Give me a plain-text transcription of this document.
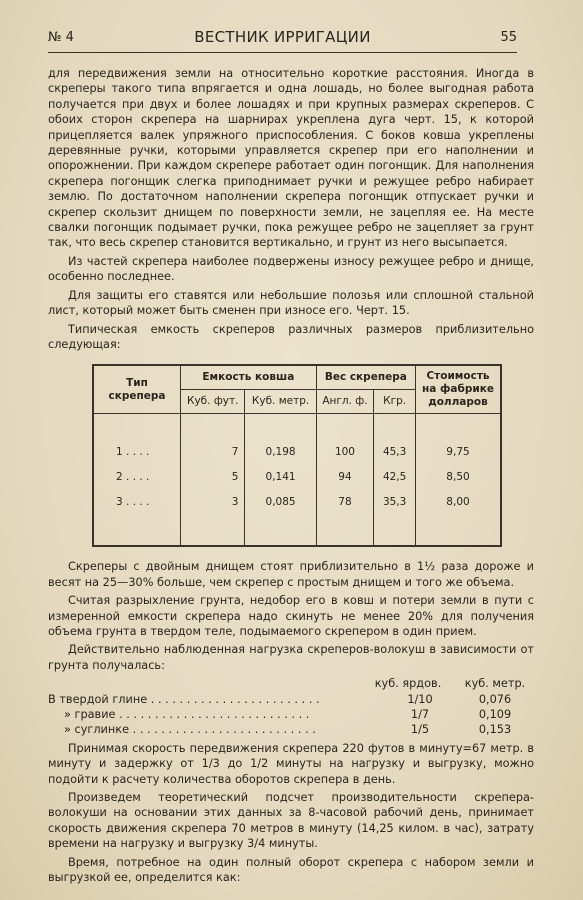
№ 4	ВЕСТНИК ИРРИГАЦИИ	55

для передвижения земли на относительно короткие расстояния. Иногда в скреперы такого типа впрягается и одна лошадь, но более выгодная работа получается при двух и более лошадях и при крупных размерах скреперов. С обоих сторон скрепера на шарнирах укреплена дуга черт. 15, к которой прицепляется валек упряжного приспособления. С боков ковша укреплены деревянные ручки, которыми управляется скрепер при его наполнении и опорожнении. При каждом скрепере работает один погонщик. Для наполнения скрепера погонщик слегка приподнимает ручки и режущее ребро набирает землю. По достаточном наполнении скрепера погонщик отпускает ручки и скрепер скользит днищем по поверхности земли, не зацепляя ее. На месте свалки погонщик подымает ручки, пока режущее ребро не зацепляет за грунт так, что весь скрепер становится вертикально, и грунт из него высыпается.

Из частей скрепера наиболее подвержены износу режущее ребро и днище, особенно последнее.

Для защиты его ставятся или небольшие полозья или сплошной стальной лист, который может быть сменен при износе его. Черт. 15.

Типическая емкость скреперов различных размеров приблизительно следующая:

Тип скрепера	Емкость ковша		Вес скрепера		Стоимость на фабрике долларов
	Куб. фут.	Куб. метр.	Англ. ф.	Кгр.	

1 . . . .	7	0,198	100	45,3	9,75
2 . . . .	5	0,141	94	42,5	8,50
3 . . . .	3	0,085	78	35,3	8,00

Скреперы с двойным днищем стоят приблизительно в 1½ раза дороже и весят на 25—30% больше, чем скрепер с простым днищем и того же объема.

Считая разрыхление грунта, недобор его в ковш и потери земли в пути с измеренной емкости скрепера надо скинуть не менее 20% для получения объема грунта в твердом теле, подымаемого скрепером в один прием.

Действительно наблюденная нагрузка скреперов-волокуш в зависимости от грунта получалась:

куб. ярдов.	куб. метр.
В твердой глине . . . . . . . . . . . . . . . . . . . . . . . .	1/10	0,076
» гравие . . . . . . . . . . . . . . . . . . . . . . . . . . .	1/7	0,109
» суглинке . . . . . . . . . . . . . . . . . . . . . . . . . .	1/5	0,153

Принимая скорость передвижения скрепера 220 футов в минуту=67 метр. в минуту и задержку от 1/3 до 1/2 минуты на нагрузку и выгрузку, можно подойти к расчету количества оборотов скрепера в день.

Произведем теоретический подсчет производительности скрепера-волокуши на основании этих данных за 8-часовой рабочий день, принимает скорость движения скрепера 70 метров в минуту (14,25 килом. в час), затрату времени на нагрузку и выгрузку 3/4 минуты.

Время, потребное на один полный оборот скрепера с набором земли и выгрузкой ее, определится как:
